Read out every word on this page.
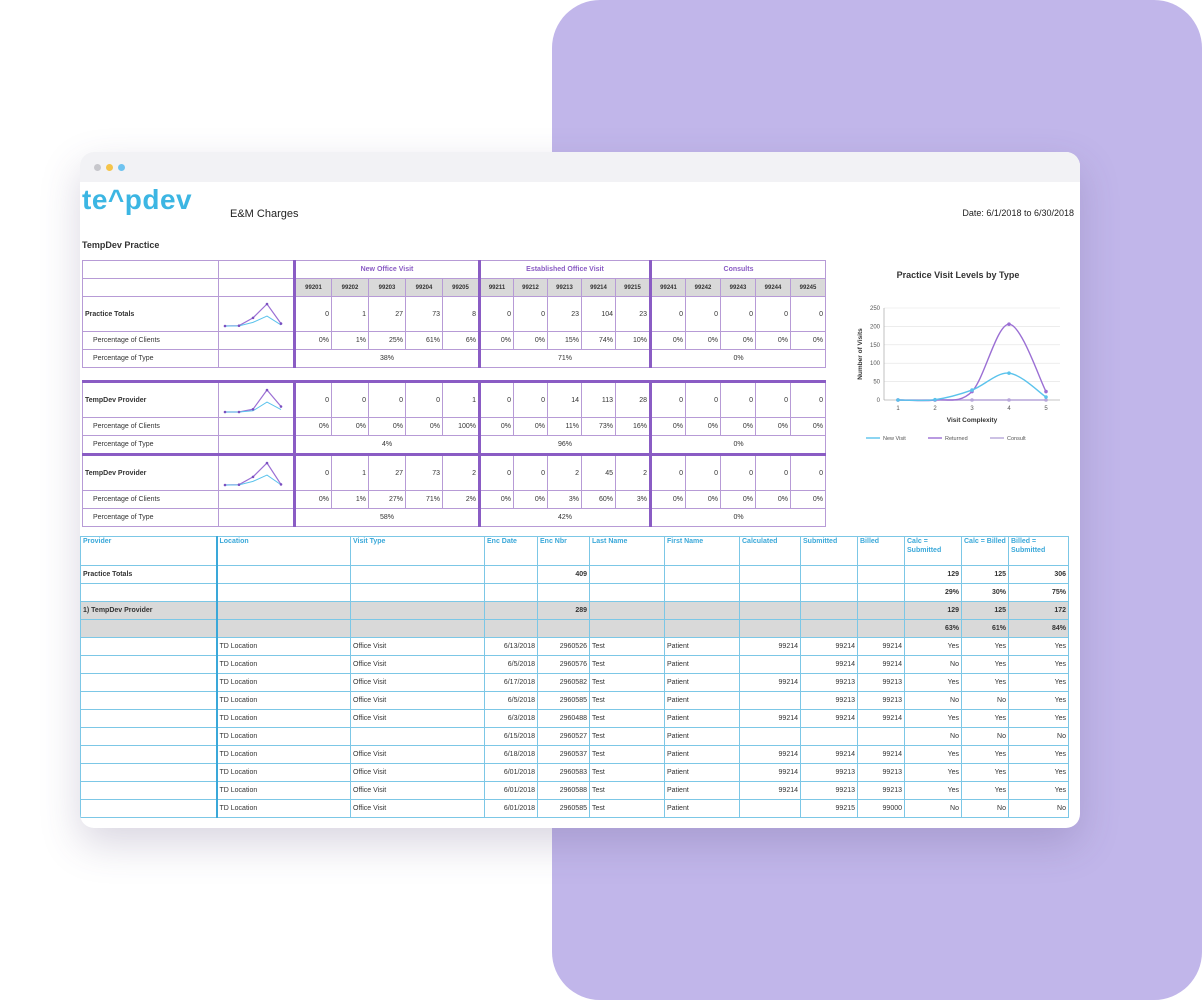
te^pdev	E&M Charges	Date: 6/1/2018 to 6/30/2018
TempDev Practice
		New Office Visit					Established Office Visit					Consults				
		99201	99202	99203	99204	99205	99211	99212	99213	99214	99215	99241	99242	99243	99244	99245
Practice Totals		0	1	27	73	8	0	0	23	104	23	0	0	0	0	0
Percentage of Clients		0%	1%	25%	61%	6%	0%	0%	15%	74%	10%	0%	0%	0%	0%	0%
Percentage of Type		38%					71%					0%				

TempDev Provider		0	0	0	0	1	0	0	14	113	28	0	0	0	0	0
Percentage of Clients		0%	0%	0%	0%	100%	0%	0%	11%	73%	16%	0%	0%	0%	0%	0%
Percentage of Type		4%					96%					0%				
TempDev Provider		0	1	27	73	2	0	0	2	45	2	0	0	0	0	0
Percentage of Clients		0%	1%	27%	71%	2%	0%	0%	3%	60%	3%	0%	0%	0%	0%	0%
Percentage of Type		58%					42%					0%				
Practice Visit Levels by Type
0
50
100
150
200
250
1	2	3	4	5
Visit Complexity
Number of Visits
New Visit	Returned	Consult
Provider	Location	Visit Type	Enc Date	Enc Nbr	Last Name	First Name	Calculated	Submitted	Billed	Calc = Submitted	Calc = Billed	Billed = Submitted
Practice Totals				409						129	125	306
										29%	30%	75%
1) TempDev Provider				289						129	125	172
										63%	61%	84%
	TD Location	Office Visit	6/13/2018	2960526	Test	Patient	99214	99214	99214	Yes	Yes	Yes
	TD Location	Office Visit	6/5/2018	2960576	Test	Patient		99214	99214	No	Yes	Yes
	TD Location	Office Visit	6/17/2018	2960582	Test	Patient	99214	99213	99213	Yes	Yes	Yes
	TD Location	Office Visit	6/5/2018	2960585	Test	Patient		99213	99213	No	No	Yes
	TD Location	Office Visit	6/3/2018	2960488	Test	Patient	99214	99214	99214	Yes	Yes	Yes
	TD Location		6/15/2018	2960527	Test	Patient				No	No	No
	TD Location	Office Visit	6/18/2018	2960537	Test	Patient	99214	99214	99214	Yes	Yes	Yes
	TD Location	Office Visit	6/01/2018	2960583	Test	Patient	99214	99213	99213	Yes	Yes	Yes
	TD Location	Office Visit	6/01/2018	2960588	Test	Patient	99214	99213	99213	Yes	Yes	Yes
	TD Location	Office Visit	6/01/2018	2960585	Test	Patient		99215	99000	No	No	No
